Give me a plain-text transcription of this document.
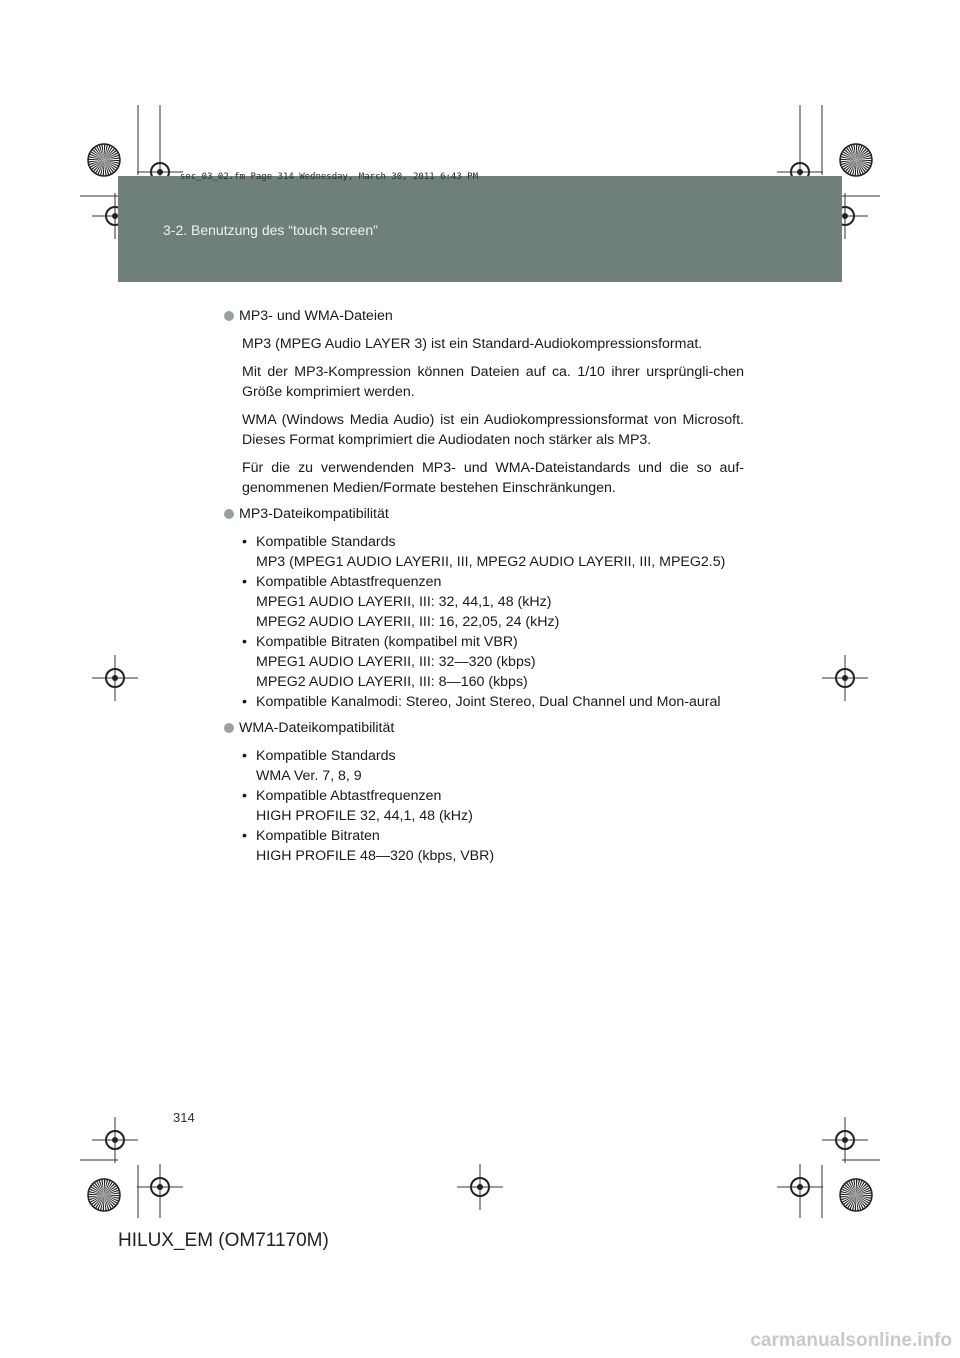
sec_03_02.fm Page 314 Wednesday, March 30, 2011 6:43 PM
3-2. Benutzung des “touch screen”
MP3- und WMA-Dateien
MP3 (MPEG Audio LAYER 3) ist ein Standard-Audiokompressionsformat.
Mit der MP3-Kompression können Dateien auf ca. 1/10 ihrer ursprüngli-chen Größe komprimiert werden.
WMA (Windows Media Audio) ist ein Audiokompressionsformat von Microsoft. Dieses Format komprimiert die Audiodaten noch stärker als MP3.
Für die zu verwendenden MP3- und WMA-Dateistandards und die so auf-genommenen Medien/Formate bestehen Einschränkungen.
MP3-Dateikompatibilität
• Kompatible Standards
MP3 (MPEG1 AUDIO LAYERII, III, MPEG2 AUDIO LAYERII, III, MPEG2.5)
• Kompatible Abtastfrequenzen
MPEG1 AUDIO LAYERII, III: 32, 44,1, 48 (kHz)
MPEG2 AUDIO LAYERII, III: 16, 22,05, 24 (kHz)
• Kompatible Bitraten (kompatibel mit VBR)
MPEG1 AUDIO LAYERII, III: 32—320 (kbps)
MPEG2 AUDIO LAYERII, III: 8—160 (kbps)
• Kompatible Kanalmodi: Stereo, Joint Stereo, Dual Channel und Mon-aural
WMA-Dateikompatibilität
• Kompatible Standards
WMA Ver. 7, 8, 9
• Kompatible Abtastfrequenzen
HIGH PROFILE 32, 44,1, 48 (kHz)
• Kompatible Bitraten
HIGH PROFILE 48—320 (kbps, VBR)
314
HILUX_EM (OM71170M)
carmanualsonline.info
